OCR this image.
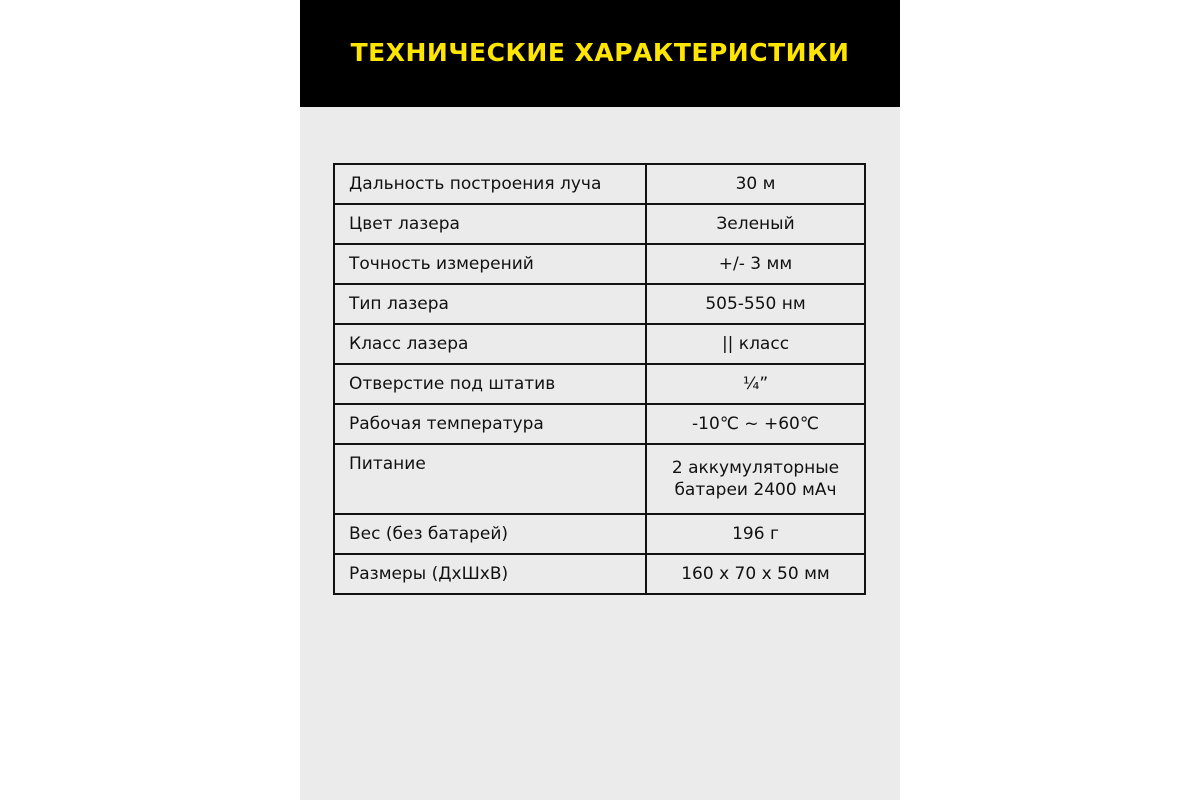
ТЕХНИЧЕСКИЕ ХАРАКТЕРИСТИКИ
Дальность построения луча	30 м
Цвет лазера	Зеленый
Точность измерений	+/- 3 мм
Тип лазера	505-550 нм
Класс лазера	|| класс
Отверстие под штатив	¼”
Рабочая температура	-10℃ ~ +60℃
Питание	2 аккумуляторные
батареи 2400 мАч

Вес (без батарей)	196 г
Размеры (ДхШхВ)	160 х 70 х 50 мм
